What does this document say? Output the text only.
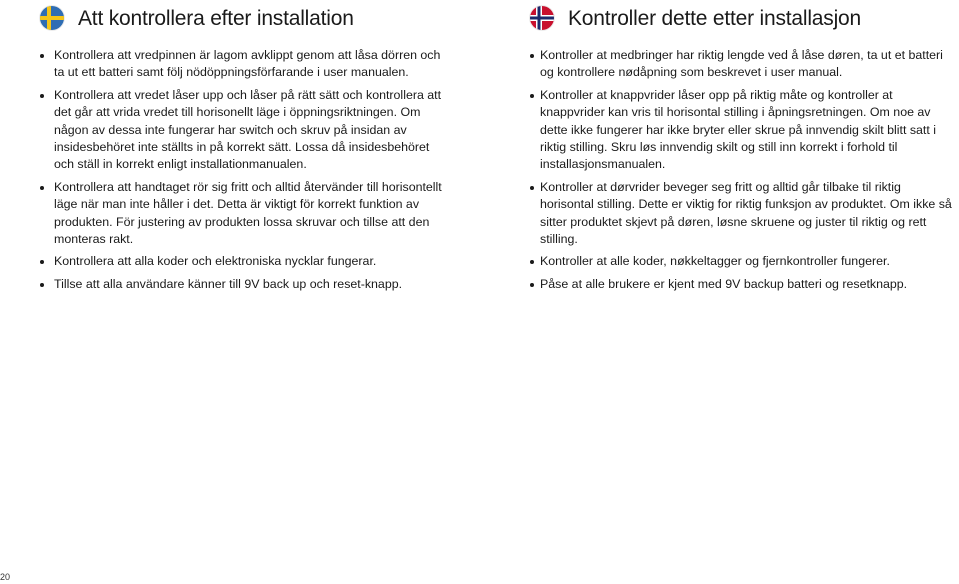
Att kontrollera efter installation
Kontrollera att vredpinnen är lagom avklippt genom att låsa dörren och ta ut ett batteri samt följ nödöppningsförfarande i user manualen.
Kontrollera att vredet låser upp och låser på rätt sätt och kontrollera att det går att vrida vredet till horisonellt läge i öppningsriktningen. Om någon av dessa inte fungerar har switch och skruv på insidan av insidesbehöret inte ställts in på korrekt sätt. Lossa då insidesbehöret och ställ in korrekt enligt installationmanualen.
Kontrollera att handtaget rör sig fritt och alltid återvänder till horisontellt läge när man inte håller i det. Detta är viktigt för korrekt funktion av produkten. För justering av produkten lossa skruvar och tillse att den monteras rakt.
Kontrollera att alla koder och elektroniska nycklar fungerar.
Tillse att alla användare känner till 9V back up och reset-knapp.
Kontroller dette etter installasjon
Kontroller at medbringer har riktig lengde ved å låse døren, ta ut et batteri og kontrollere nødåpning som beskrevet i user manual.
Kontroller at knappvrider låser opp på riktig måte og kontroller at knappvrider kan vris til horisontal stilling i åpningsretningen. Om noe av dette ikke fungerer har ikke bryter eller skrue på innvendig skilt blitt satt i riktig stilling. Skru løs innvendig skilt og still inn korrekt i forhold til installasjonsmanualen.
Kontroller at dørvrider beveger seg fritt og alltid går tilbake til riktig horisontal stilling. Dette er viktig for riktig funksjon av produktet. Om ikke så sitter produktet skjevt på døren, løsne skruene og juster til riktig og rett stilling.
Kontroller at alle koder, nøkkeltagger og fjernkontroller fungerer.
Påse at alle brukere er kjent med 9V backup batteri og resetknapp.
20
